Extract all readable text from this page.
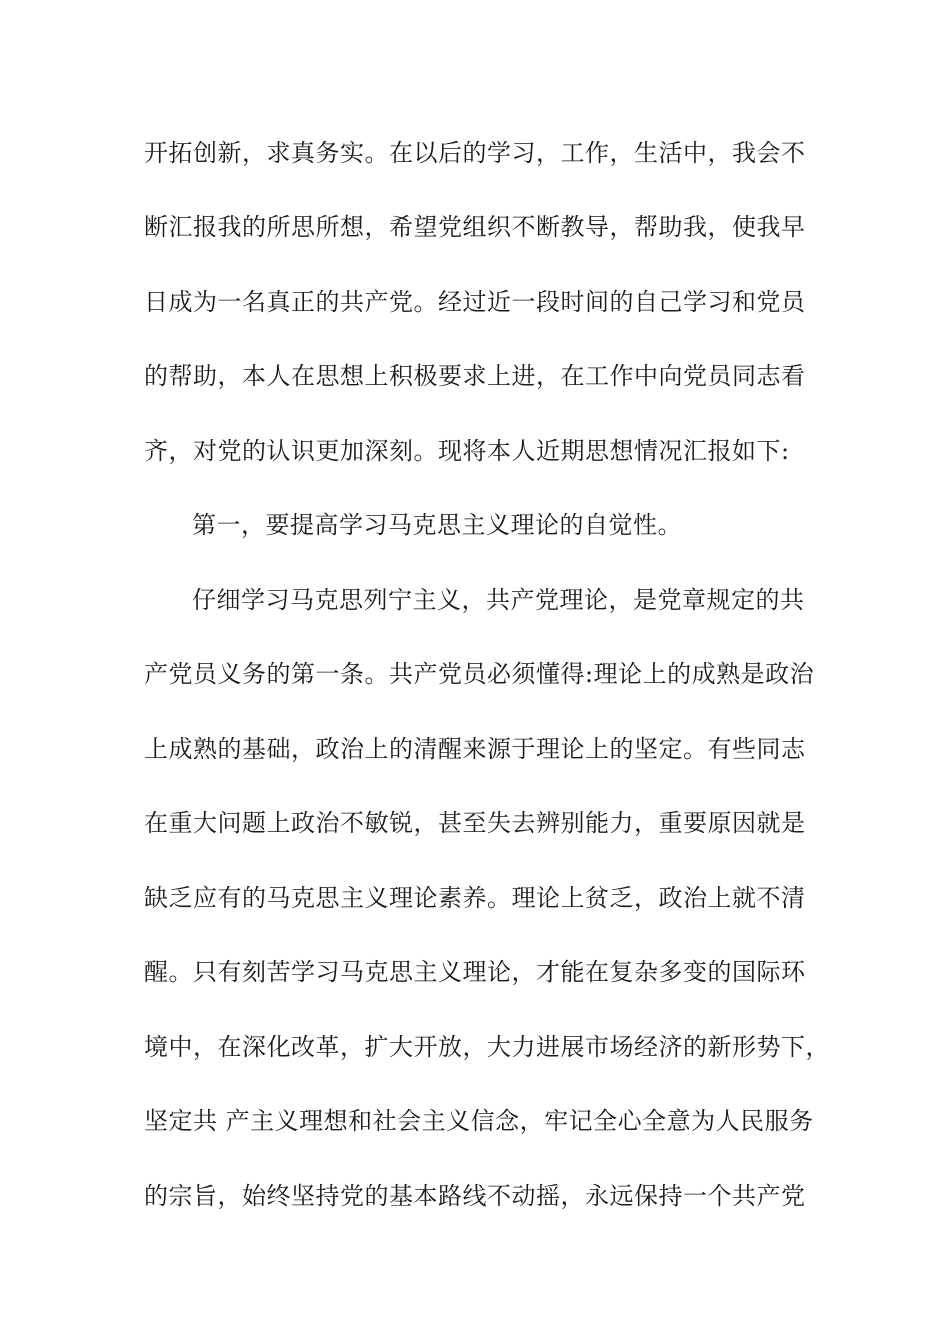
开拓创新，求真务实。在以后的学习，工作，生活中，我会不

断汇报我的所思所想，希望党组织不断教导，帮助我，使我早

日成为一名真正的共产党。经过近一段时间的自己学习和党员

的帮助，本人在思想上积极要求上进，在工作中向党员同志看

齐，对党的认识更加深刻。现将本人近期思想情况汇报如下:

第一，要提高学习马克思主义理论的自觉性。

仔细学习马克思列宁主义，共产党理论，是党章规定的共

产党员义务的第一条。共产党员必须懂得:理论上的成熟是政治

上成熟的基础，政治上的清醒来源于理论上的坚定。有些同志

在重大问题上政治不敏锐，甚至失去辨别能力，重要原因就是

缺乏应有的马克思主义理论素养。理论上贫乏，政治上就不清

醒。只有刻苦学习马克思主义理论，才能在复杂多变的国际环

境中，在深化改革，扩大开放，大力进展市场经济的新形势下，

坚定共 产主义理想和社会主义信念，牢记全心全意为人民服务

的宗旨，始终坚持党的基本路线不动摇，永远保持一个共产党
